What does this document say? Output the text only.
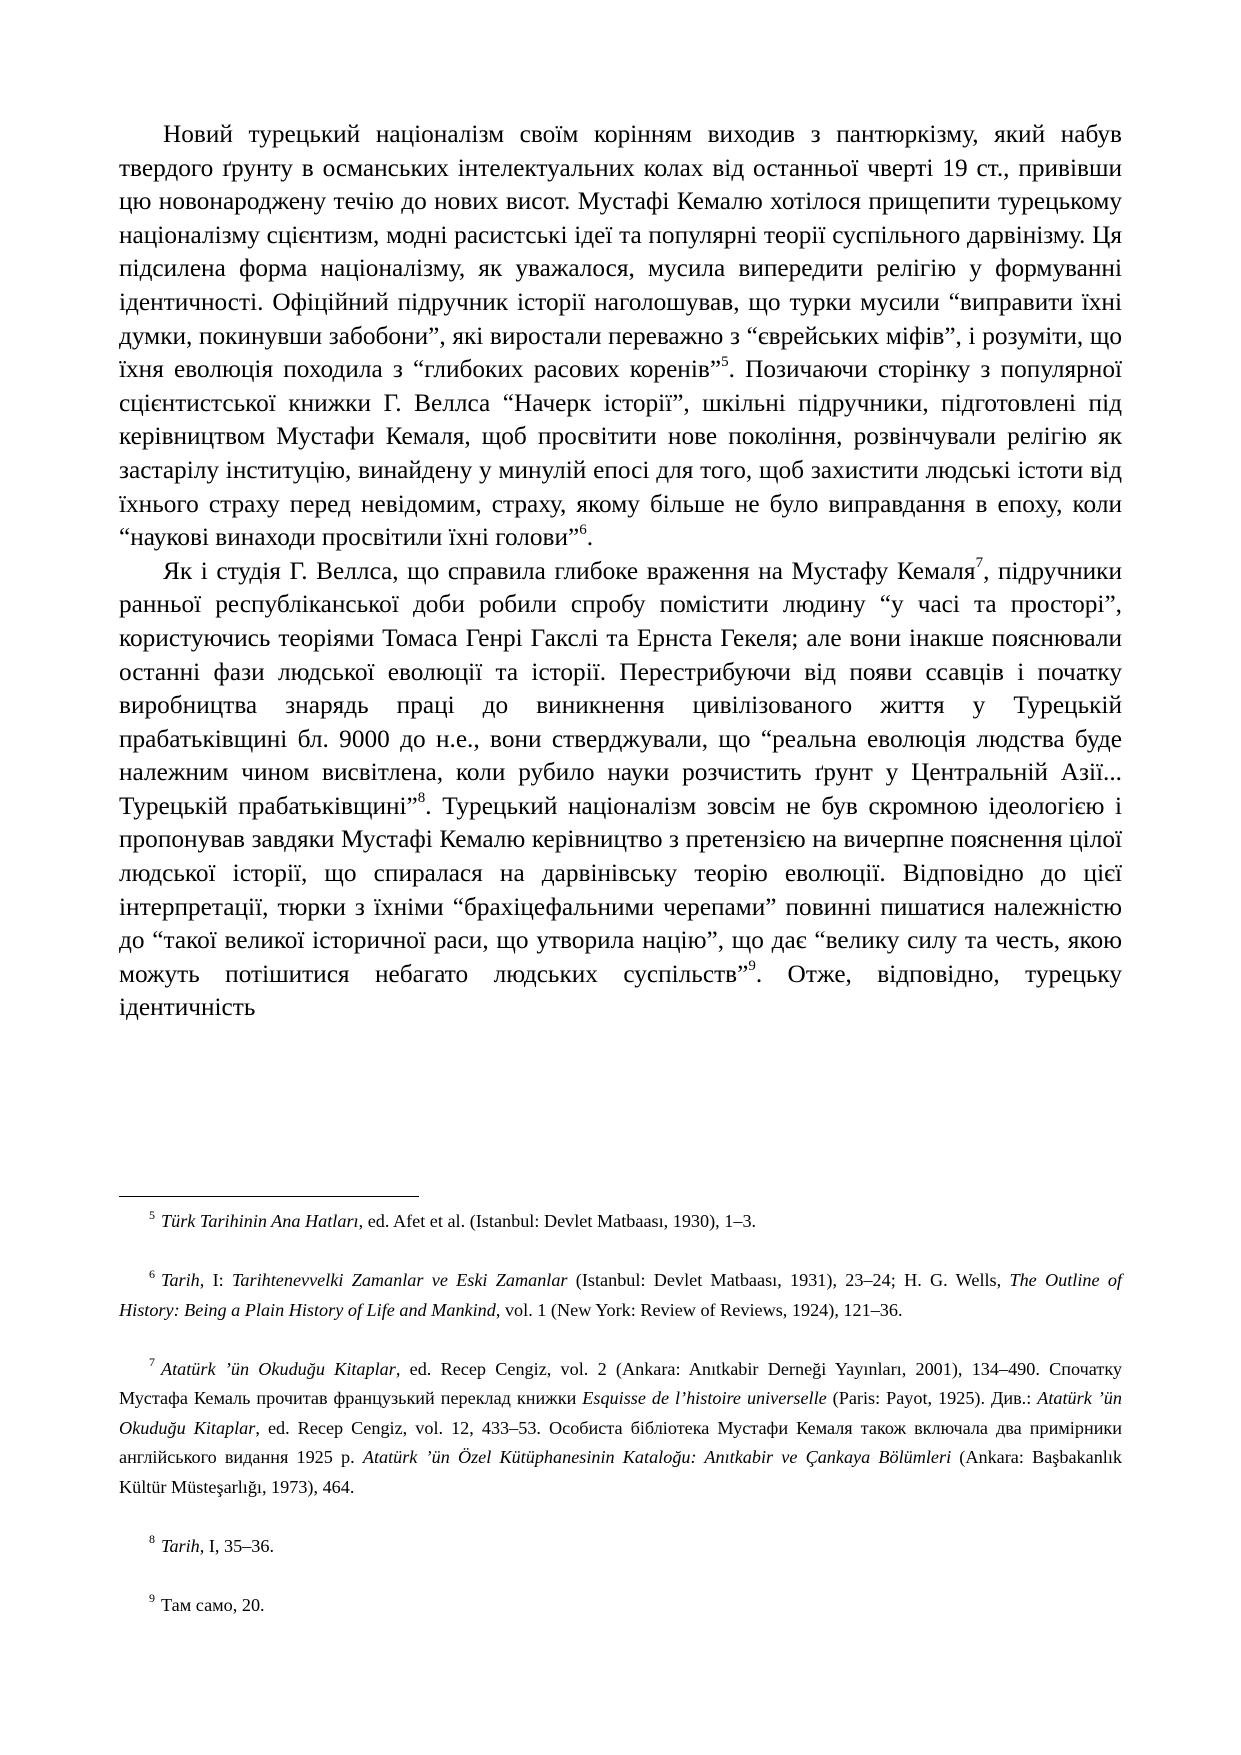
Новий турецький націоналізм своїм корінням виходив з пантюркізму, який набув твердого ґрунту в османських інтелектуальних колах від останньої чверті 19 ст., привівши цю новонароджену течію до нових висот. Мустафі Кемалю хотілося прищепити турецькому націоналізму сцієнтизм, модні расистські ідеї та популярні теорії суспільного дарвінізму. Ця підсилена форма націоналізму, як уважалося, мусила випередити релігію у формуванні ідентичності. Офіційний підручник історії наголошував, що турки мусили “виправити їхні думки, покинувши забобони”, які виростали переважно з “єврейських міфів”, і розуміти, що їхня еволюція походила з “глибоких расових коренів”$^5$. Позичаючи сторінку з популярної сцієнтистської книжки Г. Веллса “Начерк історії”, шкільні підручники, підготовлені під керівництвом Мустафи Кемаля, щоб просвітити нове покоління, розвінчували релігію як застарілу інституцію, винайдену у минулій епосі для того, щоб захистити людські істоти від їхнього страху перед невідомим, страху, якому більше не було виправдання в епоху, коли “наукові винаходи просвітили їхні голови”$^6$.

Як і студія Г. Веллса, що справила глибоке враження на Мустафу Кемаля$^7$, підручники ранньої республіканської доби робили спробу помістити людину “у часі та просторі”, користуючись теоріями Томаса Генрі Гакслі та Ернста Гекеля; але вони інакше пояснювали останні фази людської еволюції та історії. Перестрибуючи від появи ссавців і початку виробництва знарядь праці до виникнення цивілізованого життя у Турецькій прабатьківщині бл. 9000 до н.е., вони стверджували, що “реальна еволюція людства буде належним чином висвітлена, коли рубило науки розчистить ґрунт у Центральній Азії... Турецькій прабатьківщині”$^8$. Турецький націоналізм зовсім не був скромною ідеологією і пропонував завдяки Мустафі Кемалю керівництво з претензією на вичерпне пояснення цілої людської історії, що спиралася на дарвінівську теорію еволюції. Відповідно до цієї інтерпретації, тюрки з їхніми “брахіцефальними черепами” повинні пишатися належністю до “такої великої історичної раси, що утворила націю”, що дає “велику силу та честь, якою можуть потішитися небагато людських суспільств”$^9$. Отже, відповідно, турецьку ідентичність

$^5$ Türk Tarihinin Ana Hatları, ed. Afet et al. (Istanbul: Devlet Matbaası, 1930), 1–3.

$^6$ Tarih, I: Tarihtenevvelki Zamanlar ve Eski Zamanlar (Istanbul: Devlet Matbaası, 1931), 23–24; H. G. Wells, The Outline of History: Being a Plain History of Life and Mankind, vol. 1 (New York: Review of Reviews, 1924), 121–36.

$^7$ Atatürk ’ün Okuduğu Kitaplar, ed. Recep Cengiz, vol. 2 (Ankara: Anıtkabir Derneği Yayınları, 2001), 134–490. Спочатку Мустафа Кемаль прочитав французький переклад книжки Esquisse de l’histoire universelle (Paris: Payot, 1925). Див.: Atatürk ’ün Okuduğu Kitaplar, ed. Recep Cengiz, vol. 12, 433–53. Особиста бібліотека Мустафи Кемаля також включала два примірники англійського видання 1925 р. Atatürk ’ün Özel Kütüphanesinin Kataloğu: Anıtkabir ve Çankaya Bölümleri (Ankara: Başbakanlık Kültür Müsteşarlığı, 1973), 464.

$^8$ Tarih, I, 35–36.

$^9$ Там само, 20.
